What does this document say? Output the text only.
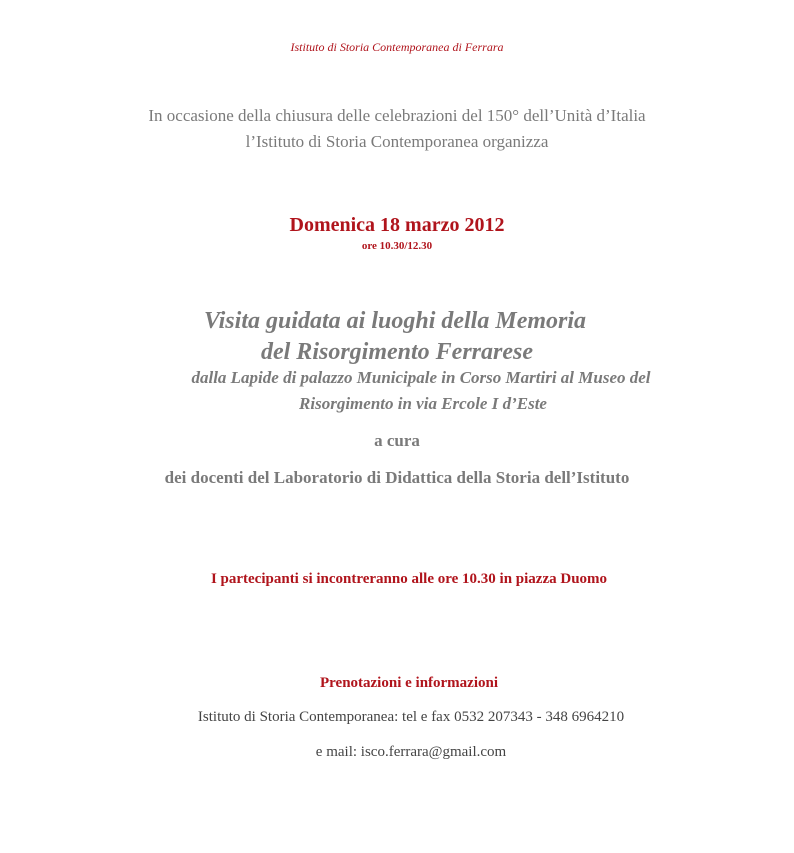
Istituto di Storia Contemporanea di Ferrara
In occasione della chiusura delle celebrazioni del 150° dell’Unità d’Italia
l’Istituto di Storia Contemporanea organizza
Domenica 18 marzo 2012
ore 10.30/12.30
Visita guidata ai luoghi della Memoria
del Risorgimento Ferrarese
dalla Lapide di palazzo Municipale in Corso Martiri al Museo del
Risorgimento in via Ercole I d’Este
a cura
dei docenti del Laboratorio di Didattica della Storia dell’Istituto
I partecipanti si incontreranno alle ore 10.30 in piazza Duomo
Prenotazioni e informazioni
Istituto di Storia Contemporanea: tel e fax 0532 207343 - 348 6964210
e mail: isco.ferrara@gmail.com
